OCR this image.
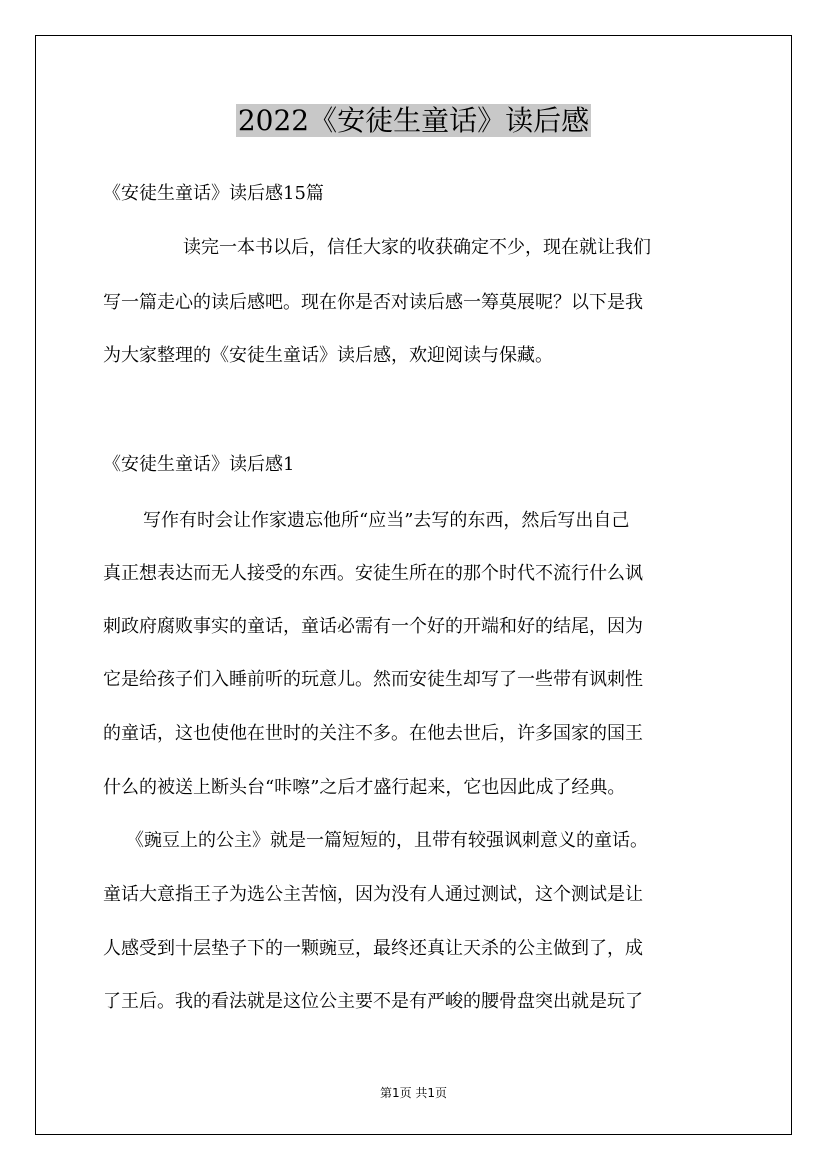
2022《安徒生童话》读后感
《安徒生童话》读后感15篇
读完一本书以后，信任大家的收获确定不少，现在就让我们
写一篇走心的读后感吧。现在你是否对读后感一筹莫展呢？以下是我
为大家整理的《安徒生童话》读后感，欢迎阅读与保藏。
《安徒生童话》读后感1
写作有时会让作家遗忘他所“应当”去写的东西，然后写出自己
真正想表达而无人接受的东西。安徒生所在的那个时代不流行什么讽
刺政府腐败事实的童话，童话必需有一个好的开端和好的结尾，因为
它是给孩子们入睡前听的玩意儿。然而安徒生却写了一些带有讽刺性
的童话，这也使他在世时的关注不多。在他去世后，许多国家的国王
什么的被送上断头台“咔嚓”之后才盛行起来，它也因此成了经典。
《豌豆上的公主》就是一篇短短的，且带有较强讽刺意义的童话。
童话大意指王子为选公主苦恼，因为没有人通过测试，这个测试是让
人感受到十层垫子下的一颗豌豆，最终还真让天杀的公主做到了，成
了王后。我的看法就是这位公主要不是有严峻的腰骨盘突出就是玩了
第1页 共1页
